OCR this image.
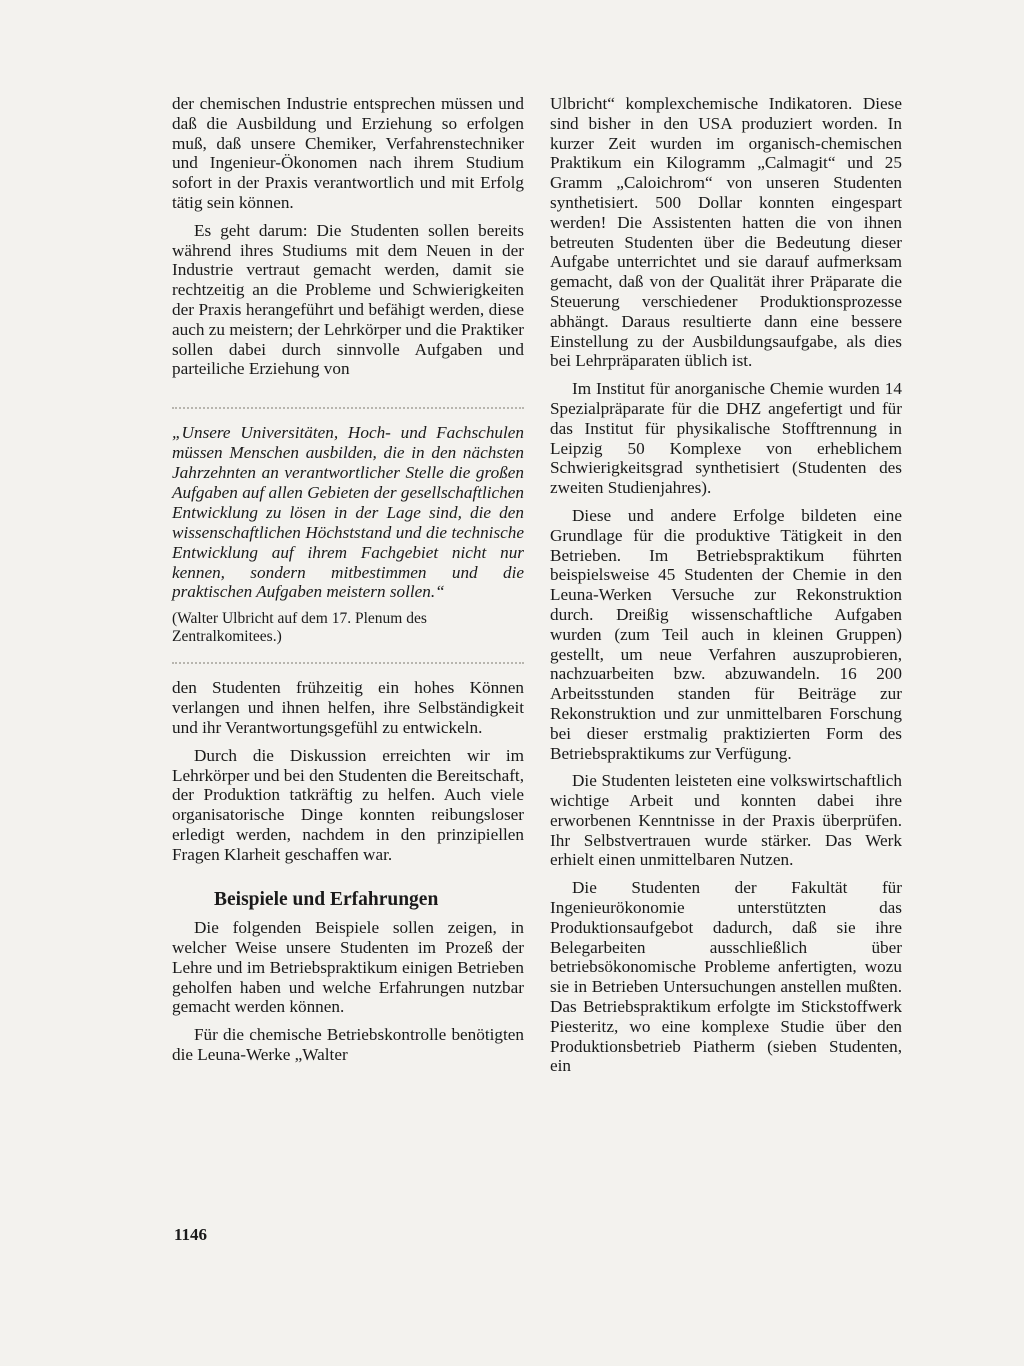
der chemischen Industrie entsprechen müssen und daß die Ausbildung und Erziehung so erfolgen muß, daß unsere Chemiker, Verfahrenstechniker und Ingenieur-Ökonomen nach ihrem Studium sofort in der Praxis verantwortlich und mit Erfolg tätig sein können.

Es geht darum: Die Studenten sollen bereits während ihres Studiums mit dem Neuen in der Industrie vertraut gemacht werden, damit sie rechtzeitig an die Probleme und Schwierigkeiten der Praxis herangeführt und befähigt werden, diese auch zu meistern; der Lehrkörper und die Praktiker sollen dabei durch sinnvolle Aufgaben und parteiliche Erziehung von

„Unsere Universitäten, Hoch- und Fachschulen müssen Menschen ausbilden, die in den nächsten Jahrzehnten an verantwortlicher Stelle die großen Aufgaben auf allen Gebieten der gesellschaftlichen Entwicklung zu lösen in der Lage sind, die den wissenschaftlichen Höchststand und die technische Entwicklung auf ihrem Fachgebiet nicht nur kennen, sondern mitbestimmen und die praktischen Aufgaben meistern sollen.“

(Walter Ulbricht auf dem 17. Plenum des Zentralkomitees.)

den Studenten frühzeitig ein hohes Können verlangen und ihnen helfen, ihre Selbständigkeit und ihr Verantwortungsgefühl zu entwickeln.

Durch die Diskussion erreichten wir im Lehrkörper und bei den Studenten die Bereitschaft, der Produktion tatkräftig zu helfen. Auch viele organisatorische Dinge konnten reibungsloser erledigt werden, nachdem in den prinzipiellen Fragen Klarheit geschaffen war.

Beispiele und Erfahrungen

Die folgenden Beispiele sollen zeigen, in welcher Weise unsere Studenten im Prozeß der Lehre und im Betriebspraktikum einigen Betrieben geholfen haben und welche Erfahrungen nutzbar gemacht werden können.

Für die chemische Betriebskontrolle benötigten die Leuna-Werke „Walter

Ulbricht“ komplexchemische Indikatoren. Diese sind bisher in den USA produziert worden. In kurzer Zeit wurden im organisch-chemischen Praktikum ein Kilogramm „Calmagit“ und 25 Gramm „Caloichrom“ von unseren Studenten synthetisiert. 500 Dollar konnten eingespart werden! Die Assistenten hatten die von ihnen betreuten Studenten über die Bedeutung dieser Aufgabe unterrichtet und sie darauf aufmerksam gemacht, daß von der Qualität ihrer Präparate die Steuerung verschiedener Produktionsprozesse abhängt. Daraus resultierte dann eine bessere Einstellung zu der Ausbildungsaufgabe, als dies bei Lehrpräparaten üblich ist.

Im Institut für anorganische Chemie wurden 14 Spezialpräparate für die DHZ angefertigt und für das Institut für physikalische Stofftrennung in Leipzig 50 Komplexe von erheblichem Schwierigkeitsgrad synthetisiert (Studenten des zweiten Studienjahres).

Diese und andere Erfolge bildeten eine Grundlage für die produktive Tätigkeit in den Betrieben. Im Betriebspraktikum führten beispielsweise 45 Studenten der Chemie in den Leuna-Werken Versuche zur Rekonstruktion durch. Dreißig wissenschaftliche Aufgaben wurden (zum Teil auch in kleinen Gruppen) gestellt, um neue Verfahren auszuprobieren, nachzuarbeiten bzw. abzuwandeln. 16 200 Arbeitsstunden standen für Beiträge zur Rekonstruktion und zur unmittelbaren Forschung bei dieser erstmalig praktizierten Form des Betriebspraktikums zur Verfügung.

Die Studenten leisteten eine volkswirtschaftlich wichtige Arbeit und konnten dabei ihre erworbenen Kenntnisse in der Praxis überprüfen. Ihr Selbstvertrauen wurde stärker. Das Werk erhielt einen unmittelbaren Nutzen.

Die Studenten der Fakultät für Ingenieurökonomie unterstützten das Produktionsaufgebot dadurch, daß sie ihre Belegarbeiten ausschließlich über betriebsökonomische Probleme anfertigten, wozu sie in Betrieben Untersuchungen anstellen mußten. Das Betriebspraktikum erfolgte im Stickstoffwerk Piesteritz, wo eine komplexe Studie über den Produktionsbetrieb Piatherm (sieben Studenten, ein

1146
